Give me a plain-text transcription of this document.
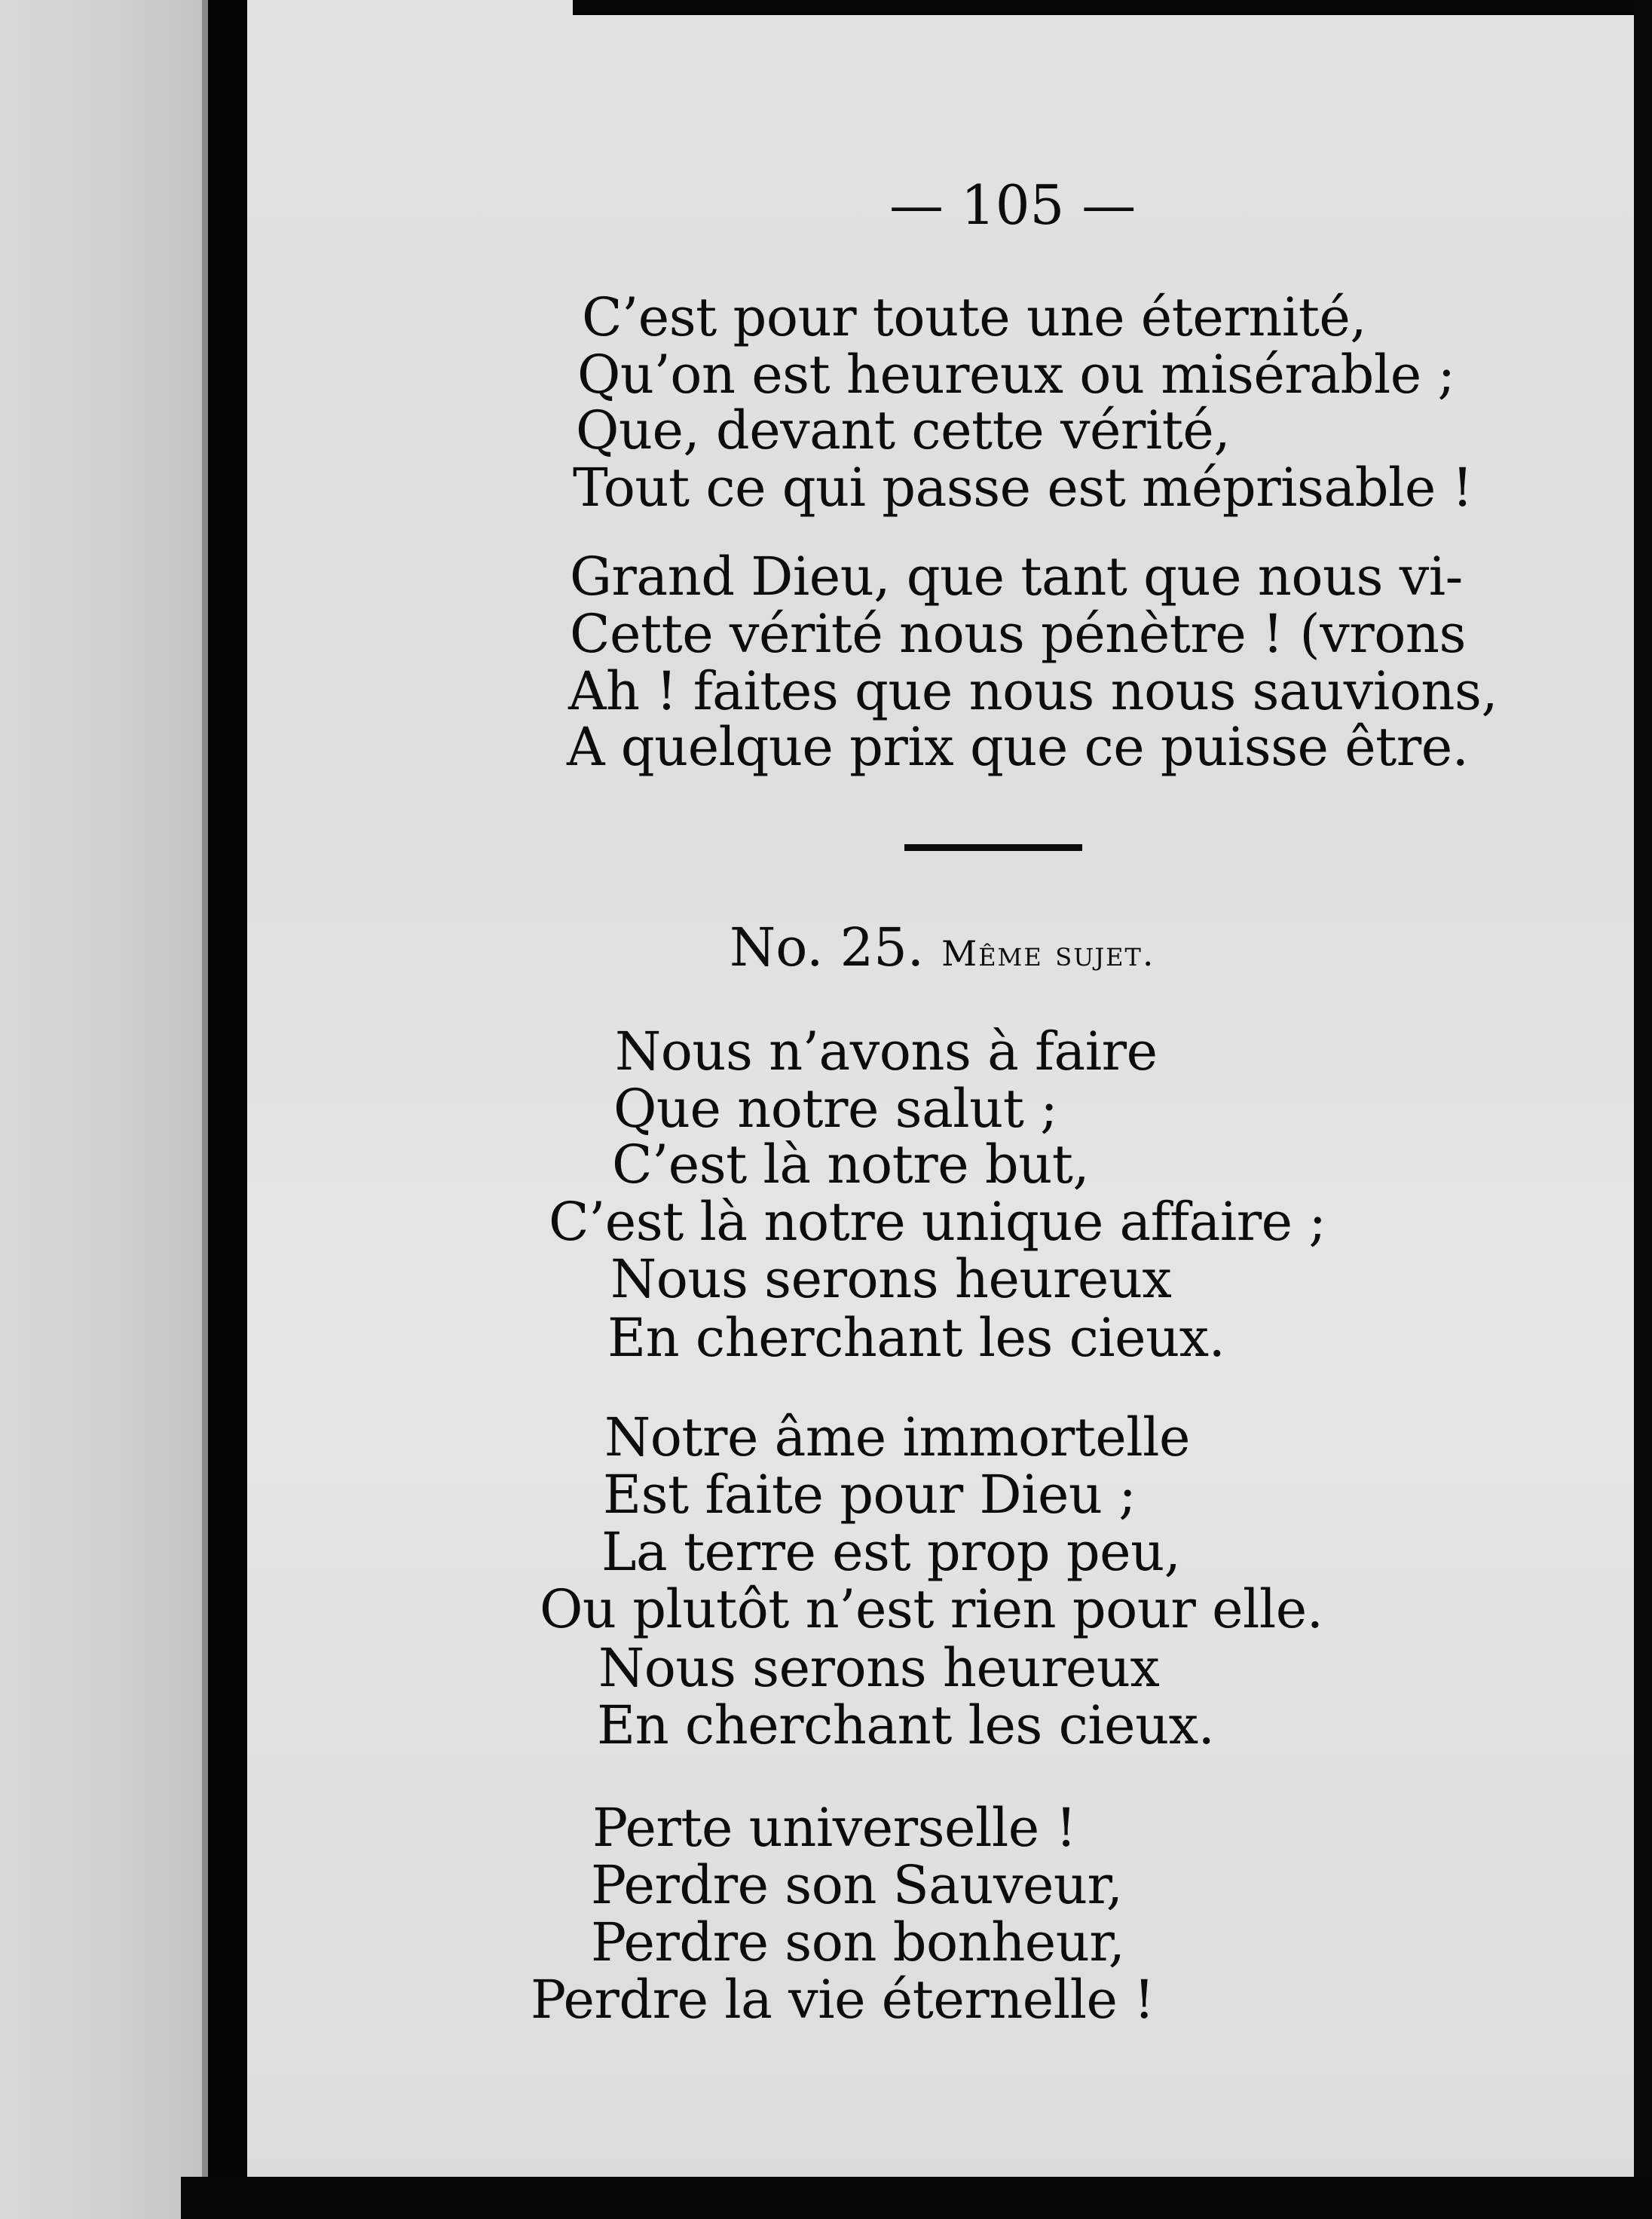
— 105 —
C’est pour toute une éternité,
Qu’on est heureux ou misérable ;
Que, devant cette vérité,
Tout ce qui passe est méprisable !
Grand Dieu, que tant que nous vi-
Cette vérité nous pénètre ! (vrons
Ah ! faites que nous nous sauvions,
A quelque prix que ce puisse être.
No. 25. Même sujet.
Nous n’avons à faire
Que notre salut ;
C’est là notre but,
C’est là notre unique affaire ;
Nous serons heureux
En cherchant les cieux.
Notre âme immortelle
Est faite pour Dieu ;
La terre est prop peu,
Ou plutôt n’est rien pour elle.
Nous serons heureux
En cherchant les cieux.
Perte universelle !
Perdre son Sauveur,
Perdre son bonheur,
Perdre la vie éternelle !
